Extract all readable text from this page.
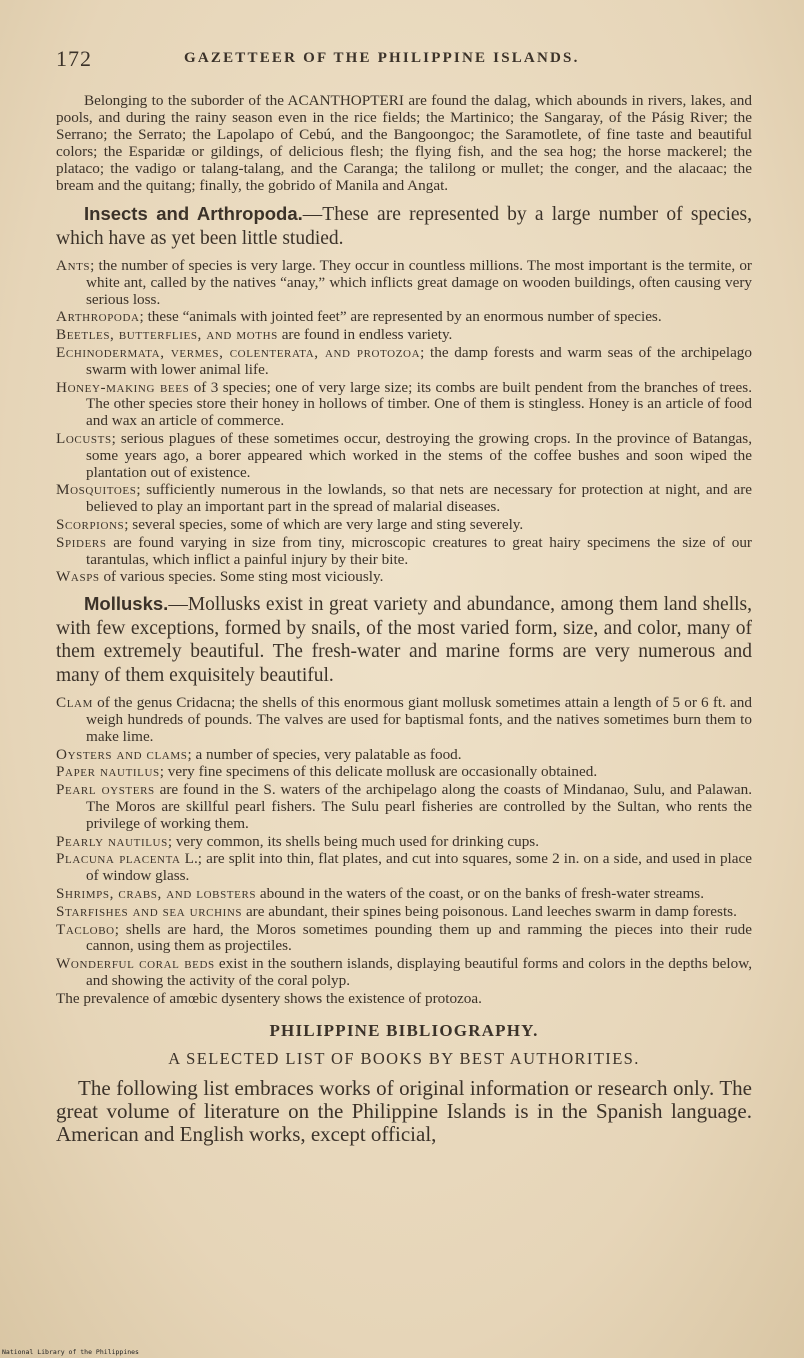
172	GAZETTEER OF THE PHILIPPINE ISLANDS.

Belonging to the suborder of the ACANTHOPTERI are found the dalag, which abounds in rivers, lakes, and pools, and during the rainy season even in the rice fields; the Martinico; the Sangaray, of the Pásig River; the Serrano; the Serrato; the Lapolapo of Cebú, and the Bangoongoc; the Saramotlete, of fine taste and beautiful colors; the Esparidæ or gildings, of delicious flesh; the flying fish, and the sea hog; the horse mackerel; the plataco; the vadigo or talang-talang, and the Caranga; the talilong or mullet; the conger, and the alacaac; the bream and the quitang; finally, the gobrido of Manila and Angat.

Insects and Arthropoda.—These are represented by a large number of species, which have as yet been little studied.

Ants; the number of species is very large. They occur in countless millions. The most important is the termite, or white ant, called by the natives “anay,” which inflicts great damage on wooden buildings, often causing very serious loss.

Arthropoda; these “animals with jointed feet” are represented by an enormous number of species.

Beetles, butterflies, and moths are found in endless variety.

Echinodermata, vermes, colenterata, and protozoa; the damp forests and warm seas of the archipelago swarm with lower animal life.

Honey-making bees of 3 species; one of very large size; its combs are built pendent from the branches of trees. The other species store their honey in hollows of timber. One of them is stingless. Honey is an article of food and wax an article of commerce.

Locusts; serious plagues of these sometimes occur, destroying the growing crops. In the province of Batangas, some years ago, a borer appeared which worked in the stems of the coffee bushes and soon wiped the plantation out of existence.

Mosquitoes; sufficiently numerous in the lowlands, so that nets are necessary for protection at night, and are believed to play an important part in the spread of malarial diseases.

Scorpions; several species, some of which are very large and sting severely.

Spiders are found varying in size from tiny, microscopic creatures to great hairy specimens the size of our tarantulas, which inflict a painful injury by their bite.

Wasps of various species. Some sting most viciously.

Mollusks.—Mollusks exist in great variety and abundance, among them land shells, with few exceptions, formed by snails, of the most varied form, size, and color, many of them extremely beautiful. The fresh-water and marine forms are very numerous and many of them exquisitely beautiful.

Clam of the genus Cridacna; the shells of this enormous giant mollusk sometimes attain a length of 5 or 6 ft. and weigh hundreds of pounds. The valves are used for baptismal fonts, and the natives sometimes burn them to make lime.

Oysters and clams; a number of species, very palatable as food.

Paper nautilus; very fine specimens of this delicate mollusk are occasionally obtained.

Pearl oysters are found in the S. waters of the archipelago along the coasts of Mindanao, Sulu, and Palawan. The Moros are skillful pearl fishers. The Sulu pearl fisheries are controlled by the Sultan, who rents the privilege of working them.

Pearly nautilus; very common, its shells being much used for drinking cups.

Placuna placenta L.; are split into thin, flat plates, and cut into squares, some 2 in. on a side, and used in place of window glass.

Shrimps, crabs, and lobsters abound in the waters of the coast, or on the banks of fresh-water streams.

Starfishes and sea urchins are abundant, their spines being poisonous. Land leeches swarm in damp forests.

Taclobo; shells are hard, the Moros sometimes pounding them up and ramming the pieces into their rude cannon, using them as projectiles.

Wonderful coral beds exist in the southern islands, displaying beautiful forms and colors in the depths below, and showing the activity of the coral polyp.

The prevalence of amœbic dysentery shows the existence of protozoa.

PHILIPPINE BIBLIOGRAPHY.
A SELECTED LIST OF BOOKS BY BEST AUTHORITIES.

The following list embraces works of original information or research only. The great volume of literature on the Philippine Islands is in the Spanish language. American and English works, except official,

National Library of the Philippines
